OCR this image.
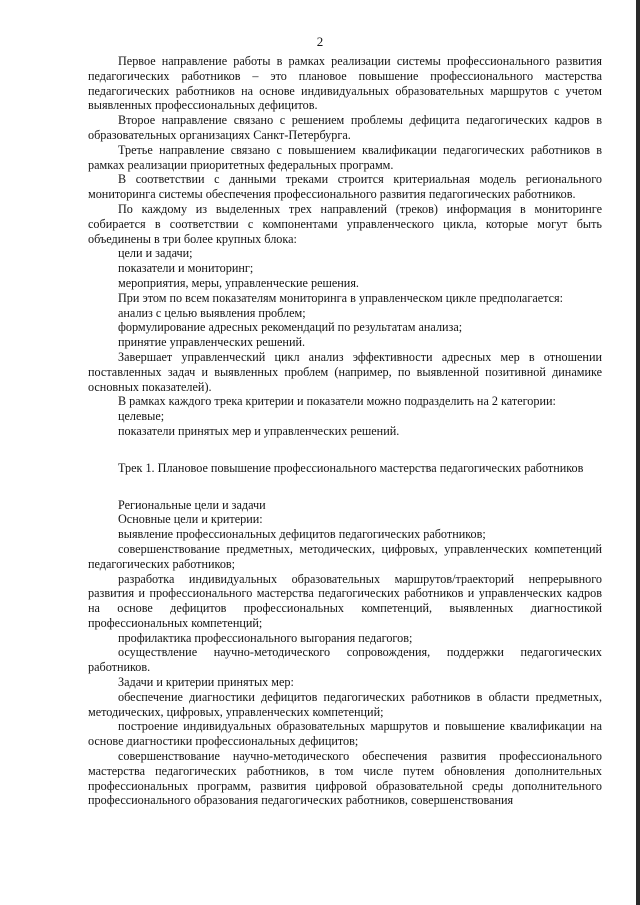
2

Первое направление работы в рамках реализации системы профессионального развития педагогических работников – это плановое повышение профессионального мастерства педагогических работников на основе индивидуальных образовательных маршрутов с учетом выявленных профессиональных дефицитов.

Второе направление связано с решением проблемы дефицита педагогических кадров в образовательных организациях Санкт-Петербурга.

Третье направление связано с повышением квалификации педагогических работников в рамках реализации приоритетных федеральных программ.

В соответствии с данными треками строится критериальная модель регионального мониторинга системы обеспечения профессионального развития педагогических работников.

По каждому из выделенных трех направлений (треков) информация в мониторинге собирается в соответствии с компонентами управленческого цикла, которые могут быть объединены в три более крупных блока:

цели и задачи;

показатели и мониторинг;

мероприятия, меры, управленческие решения.

При этом по всем показателям мониторинга в управленческом цикле предполагается:

анализ с целью выявления проблем;

формулирование адресных рекомендаций по результатам анализа;

принятие управленческих решений.

Завершает управленческий цикл анализ эффективности адресных мер в отношении поставленных задач и выявленных проблем (например, по выявленной позитивной динамике основных показателей).

В рамках каждого трека критерии и показатели можно подразделить на 2 категории:

целевые;

показатели принятых мер и управленческих решений.

Трек 1. Плановое повышение профессионального мастерства педагогических работников

Региональные цели и задачи

Основные цели и критерии:

выявление профессиональных дефицитов педагогических работников;

совершенствование предметных, методических, цифровых, управленческих компетенций педагогических работников;

разработка индивидуальных образовательных маршрутов/траекторий непрерывного развития и профессионального мастерства педагогических работников и управленческих кадров на основе дефицитов профессиональных компетенций, выявленных диагностикой профессиональных компетенций;

профилактика профессионального выгорания педагогов;

осуществление научно-методического сопровождения, поддержки педагогических работников.

Задачи и критерии принятых мер:

обеспечение диагностики дефицитов педагогических работников в области предметных, методических, цифровых, управленческих компетенций;

построение индивидуальных образовательных маршрутов и повышение квалификации на основе диагностики профессиональных дефицитов;

совершенствование научно-методического обеспечения развития профессионального мастерства педагогических работников, в том числе путем обновления дополнительных профессиональных программ, развития цифровой образовательной среды дополнительного профессионального образования педагогических работников, совершенствования
